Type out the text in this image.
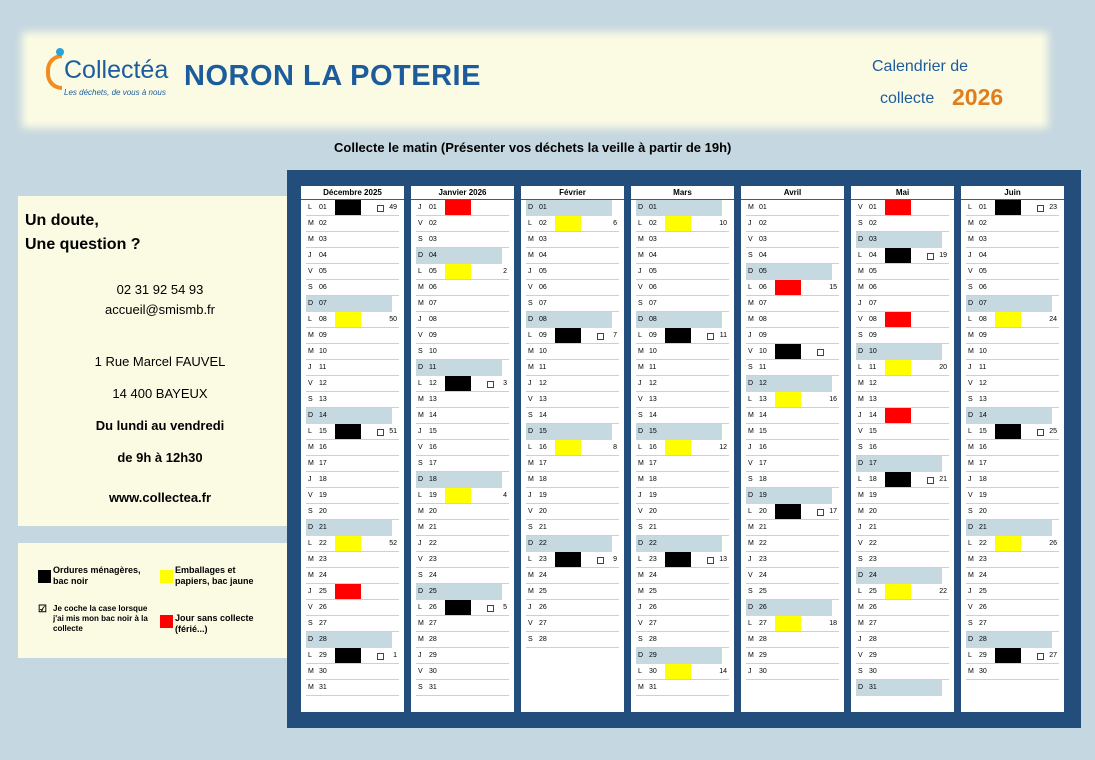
Collectéa
Les déchets, de vous à nous
NORON LA POTERIE	Calendrier de
collecte 2026
Collecte le matin (Présenter vos déchets la veille à partir de 19h)
Un doute,
Une question ?
02 31 92 54 93
accueil@smismb.fr
1 Rue Marcel FAUVEL
14 400 BAYEUX
Du lundi au vendredi
de 9h à 12h30
www.collectea.fr
Ordures ménagères, bac noir
Emballages et papiers, bac jaune
☑ Je coche la case lorsque j'ai mis mon bac noir à la collecte
Jour sans collecte (férié...)
Décembre 2025
L 01	49
M 02
M 03
J 04
V 05
S 06
D 07
L 08	50
M 09
M 10
J 11
V 12
S 13
D 14
L 15	51
M 16
M 17
J 18
V 19
S 20
D 21
L 22	52
M 23
M 24
J 25
V 26
S 27
D 28
L 29	1
M 30
M 31
Janvier 2026
J 01
V 02
S 03
D 04
L 05	2
M 06
M 07
J 08
V 09
S 10
D 11
L 12	3
M 13
M 14
J 15
V 16
S 17
D 18
L 19	4
M 20
M 21
J 22
V 23
S 24
D 25
L 26	5
M 27
M 28
J 29
V 30
S 31
Février
D 01
L 02	6
M 03
M 04
J 05
V 06
S 07
D 08
L 09	7
M 10
M 11
J 12
V 13
S 14
D 15
L 16	8
M 17
M 18
J 19
V 20
S 21
D 22
L 23	9
M 24
M 25
J 26
V 27
S 28
Mars
D 01
L 02	10
M 03
M 04
J 05
V 06
S 07
D 08
L 09	11
M 10
M 11
J 12
V 13
S 14
D 15
L 16	12
M 17
M 18
J 19
V 20
S 21
D 22
L 23	13
M 24
M 25
J 26
V 27
S 28
D 29
L 30	14
M 31
Avril
M 01
J 02
V 03
S 04
D 05
L 06	15
M 07
M 08
J 09
V 10
S 11
D 12
L 13	16
M 14
M 15
J 16
V 17
S 18
D 19
L 20	17
M 21
M 22
J 23
V 24
S 25
D 26
L 27	18
M 28
M 29
J 30
Mai
V 01
S 02
D 03
L 04	19
M 05
M 06
J 07
V 08
S 09
D 10
L 11	20
M 12
M 13
J 14
V 15
S 16
D 17
L 18	21
M 19
M 20
J 21
V 22
S 23
D 24
L 25	22
M 26
M 27
J 28
V 29
S 30
D 31
Juin
L 01	23
M 02
M 03
J 04
V 05
S 06
D 07
L 08	24
M 09
M 10
J 11
V 12
S 13
D 14
L 15	25
M 16
M 17
J 18
V 19
S 20
D 21
L 22	26
M 23
M 24
J 25
V 26
S 27
D 28
L 29	27
M 30
